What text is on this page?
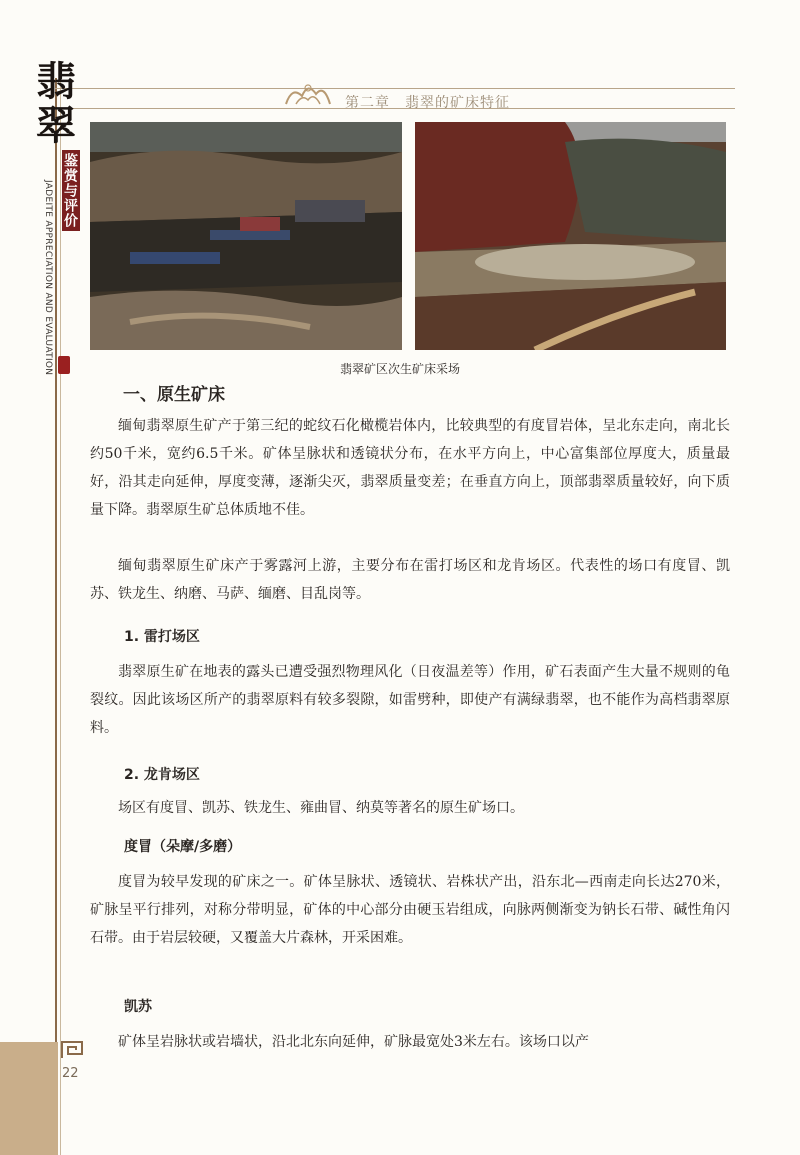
第二章　翡翠的矿床特征
翡
翠
鉴赏与评价
JADEITE APPRECIATION AND EVALUATION	翡翠矿区次生矿床采场
一、原生矿床

缅甸翡翠原生矿产于第三纪的蛇纹石化橄榄岩体内，比较典型的有度冒岩体，呈北东走向，南北长约50千米，宽约6.5千米。矿体呈脉状和透镜状分布，在水平方向上，中心富集部位厚度大，质量最好，沿其走向延伸，厚度变薄，逐渐尖灭，翡翠质量变差；在垂直方向上，顶部翡翠质量较好，向下质量下降。翡翠原生矿总体质地不佳。

缅甸翡翠原生矿床产于雾露河上游，主要分布在雷打场区和龙肯场区。代表性的场口有度冒、凯苏、铁龙生、纳磨、马萨、缅磨、目乱岗等。

1. 雷打场区

翡翠原生矿在地表的露头已遭受强烈物理风化（日夜温差等）作用，矿石表面产生大量不规则的龟裂纹。因此该场区所产的翡翠原料有较多裂隙，如雷劈种，即使产有满绿翡翠，也不能作为高档翡翠原料。

2. 龙肯场区

场区有度冒、凯苏、铁龙生、雍曲冒、纳莫等著名的原生矿场口。

度冒（朵摩/多磨）

度冒为较早发现的矿床之一。矿体呈脉状、透镜状、岩株状产出，沿东北—西南走向长达270米，矿脉呈平行排列，对称分带明显，矿体的中心部分由硬玉岩组成，向脉两侧渐变为钠长石带、碱性角闪石带。由于岩层较硬，又覆盖大片森林，开采困难。

凯苏

矿体呈岩脉状或岩墙状，沿北北东向延伸，矿脉最宽处3米左右。该场口以产

22
